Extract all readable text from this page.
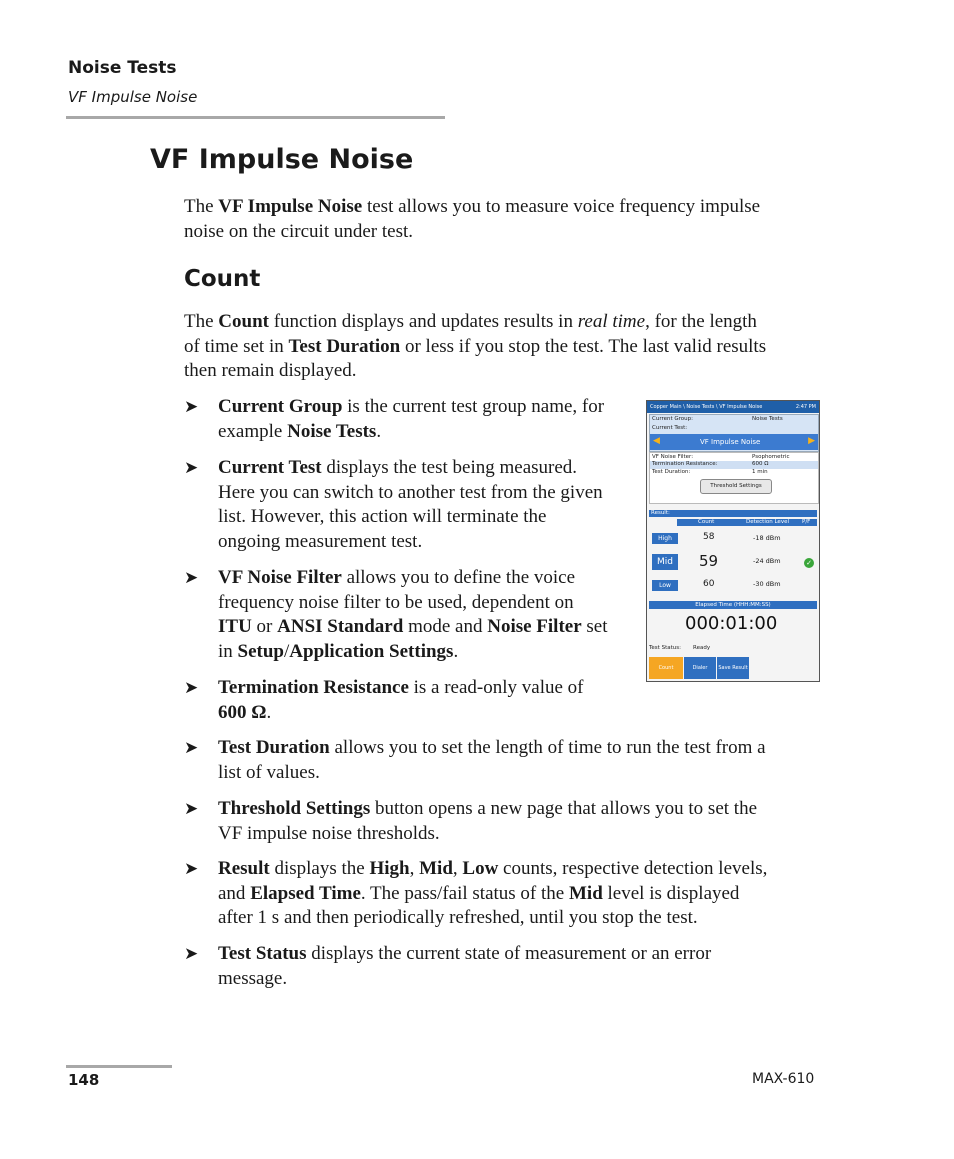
Noise Tests
VF Impulse Noise
VF Impulse Noise
The VF Impulse Noise test allows you to measure voice frequency impulse
noise on the circuit under test.
Count
The Count function displays and updates results in real time, for the length
of time set in Test Duration or less if you stop the test. The last valid results
then remain displayed.
➤ Current Group is the current test group name, for
example Noise Tests.
➤ Current Test displays the test being measured.
Here you can switch to another test from the given
list. However, this action will terminate the
ongoing measurement test.
➤ VF Noise Filter allows you to define the voice
frequency noise filter to be used, dependent on
ITU or ANSI Standard mode and Noise Filter set
in Setup/Application Settings.
➤ Termination Resistance is a read-only value of
600 Ω.
➤ Test Duration allows you to set the length of time to run the test from a
list of values.
➤ Threshold Settings button opens a new page that allows you to set the
VF impulse noise thresholds.
➤ Result displays the High, Mid, Low counts, respective detection levels,
and Elapsed Time. The pass/fail status of the Mid level is displayed
after 1 s and then periodically refreshed, until you stop the test.
➤ Test Status displays the current state of measurement or an error
message.
Copper Main \ Noise Tests \ VF Impulse Noise	2:47 PM
Current Group:	Noise Tests
Current Test:
◀	VF Impulse Noise	▶
VF Noise Filter:	Psophometric
Termination Resistance:	600 Ω
Test Duration:	1 min
Threshold Settings
Result:
Count	Detection Level P/F
High	58	-18 dBm
Mid	59	-24 dBm	✓
Low	60	-30 dBm
Elapsed Time (HHH:MM:SS)
000:01:00
Test Status: Ready
Count	Dialer	Save Result
148	MAX-610
